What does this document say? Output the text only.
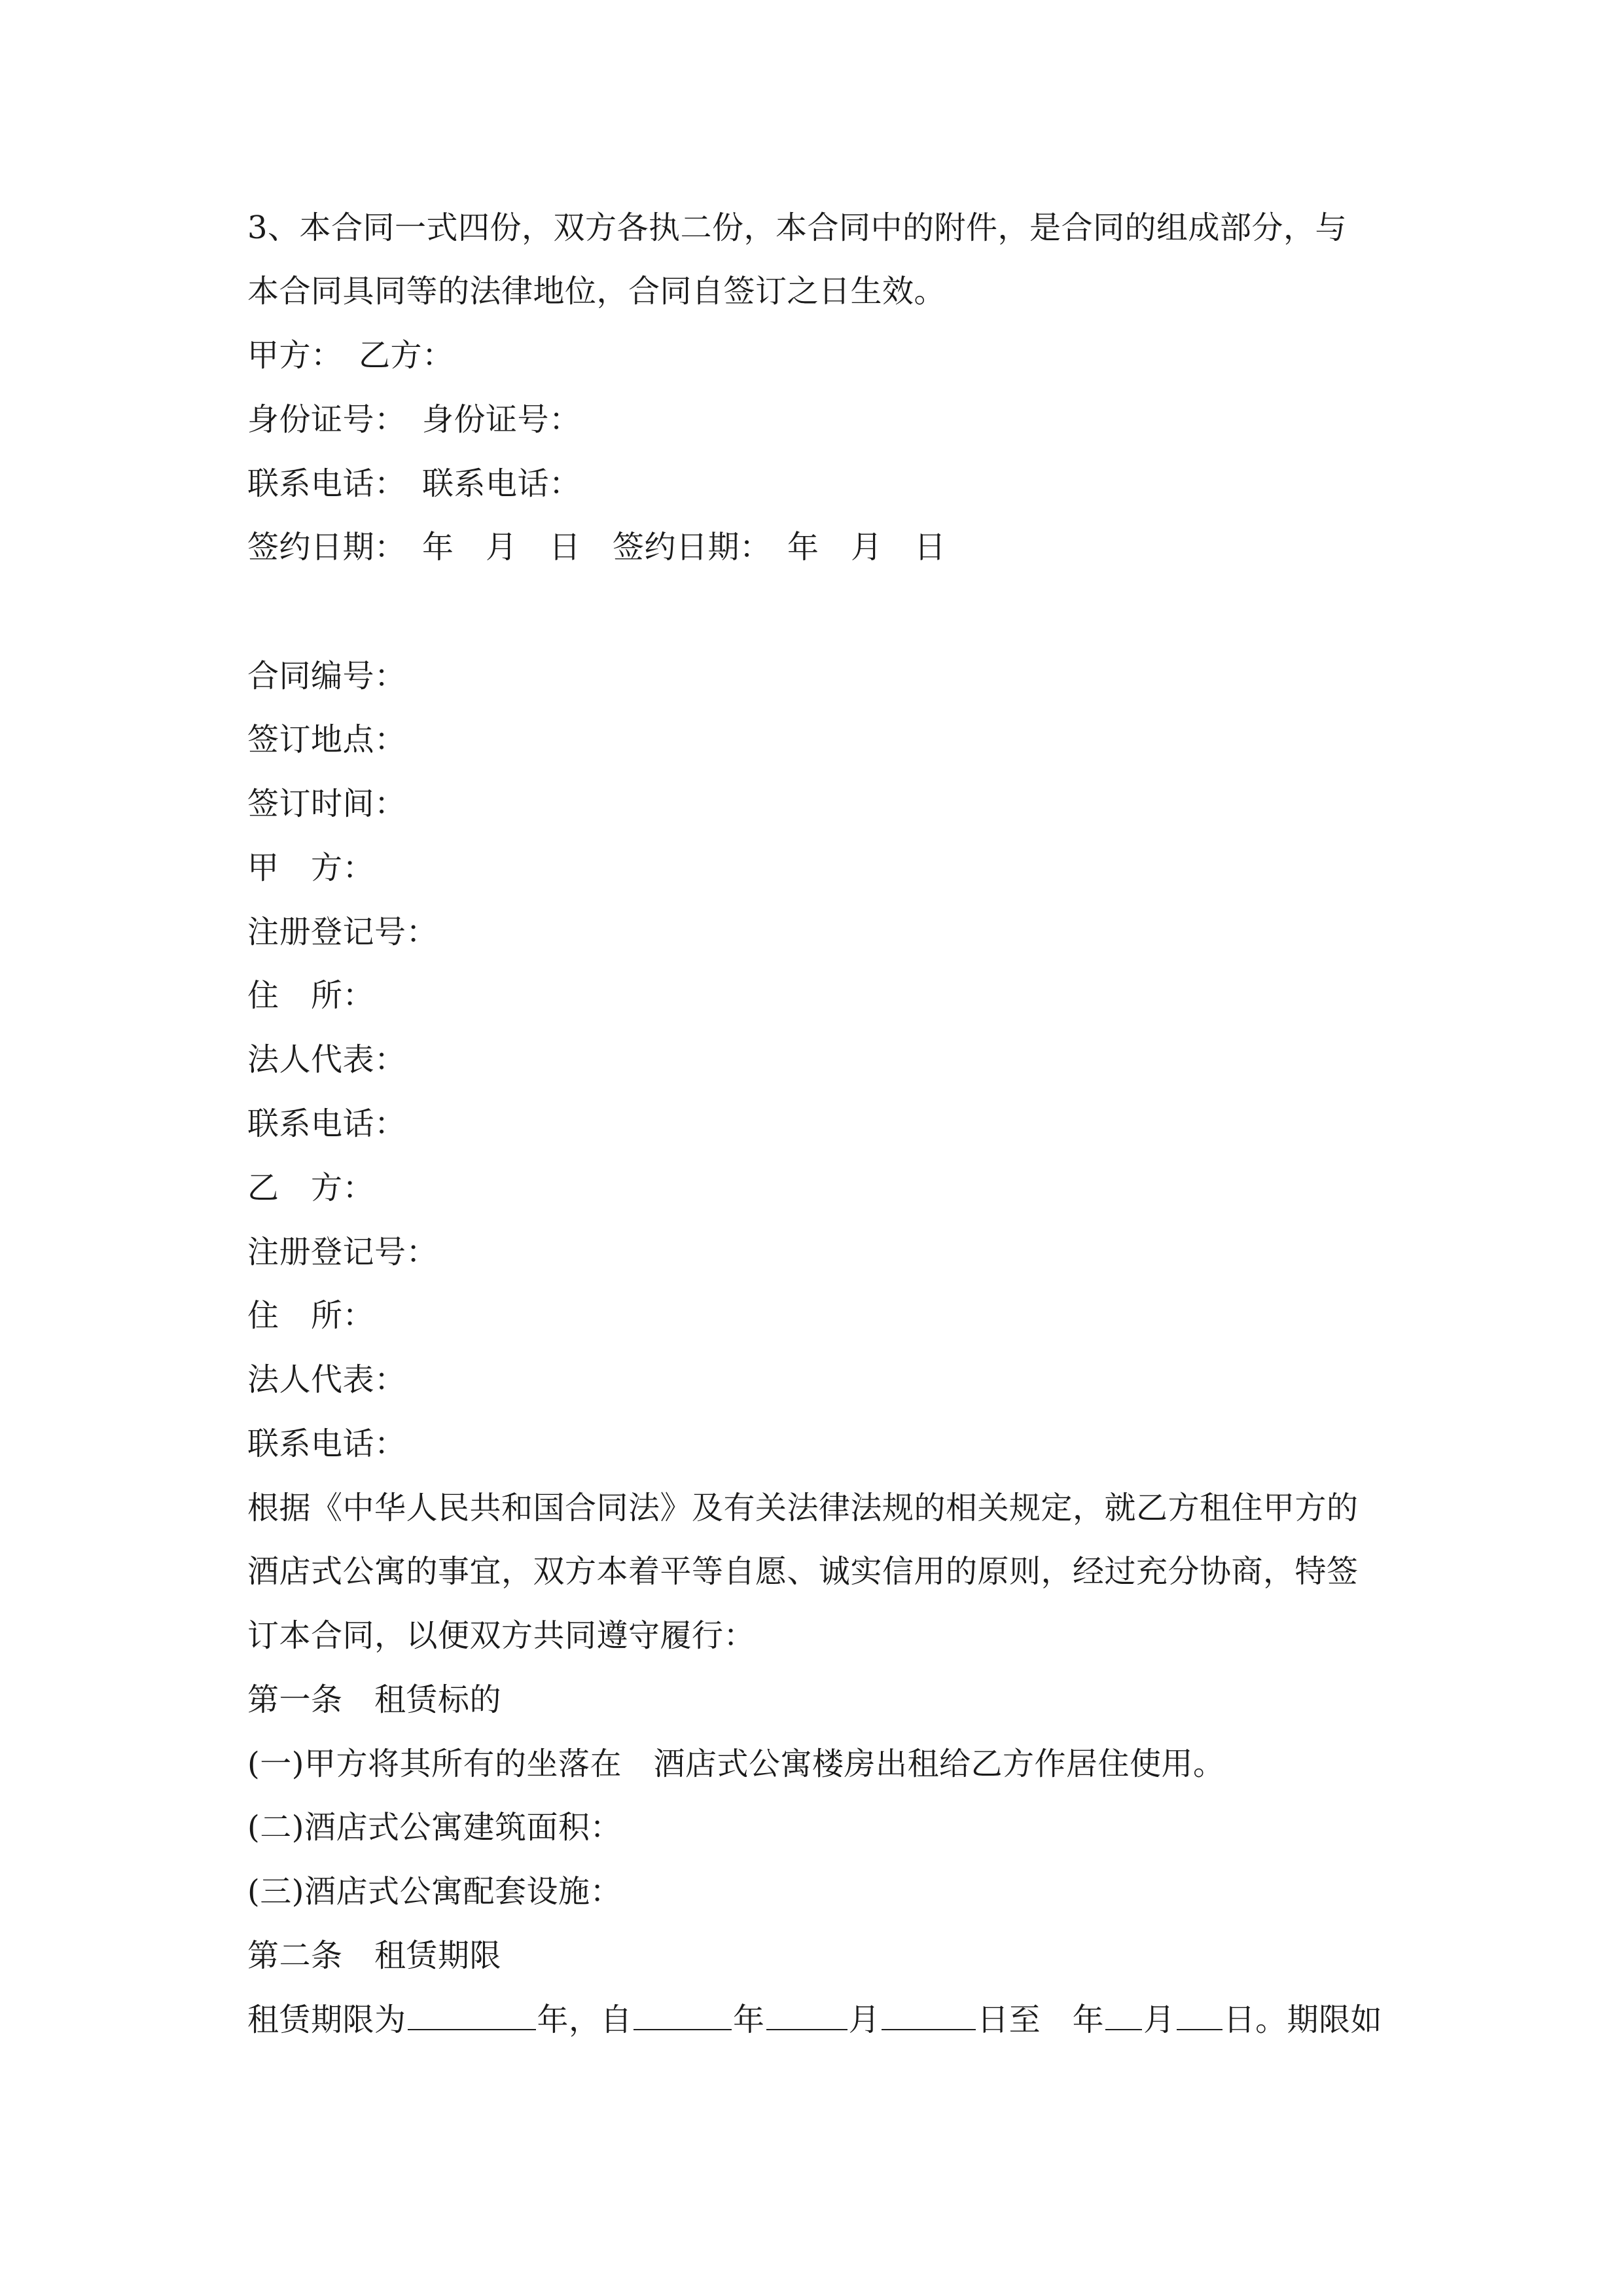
3、本合同一式四份，双方各执二份，本合同中的附件，是合同的组成部分，与
本合同具同等的法律地位，合同自签订之日生效。
甲方：　乙方：
身份证号：　身份证号：
联系电话：　联系电话：
签约日期：　年　月　日　签约日期：　年　月　日
合同编号：
签订地点：
签订时间：
甲　方：
注册登记号：
住　所：
法人代表：
联系电话：
乙　方：
注册登记号：
住　所：
法人代表：
联系电话：
根据《中华人民共和国合同法》及有关法律法规的相关规定，就乙方租住甲方的
酒店式公寓的事宜，双方本着平等自愿、诚实信用的原则，经过充分协商，特签
订本合同，以便双方共同遵守履行：
第一条　租赁标的
(一)甲方将其所有的坐落在　酒店式公寓楼房出租给乙方作居住使用。
(二)酒店式公寓建筑面积：
(三)酒店式公寓配套设施：
第二条　租赁期限
租赁期限为	年，自	年	月	日至　年 月 日。期限如
